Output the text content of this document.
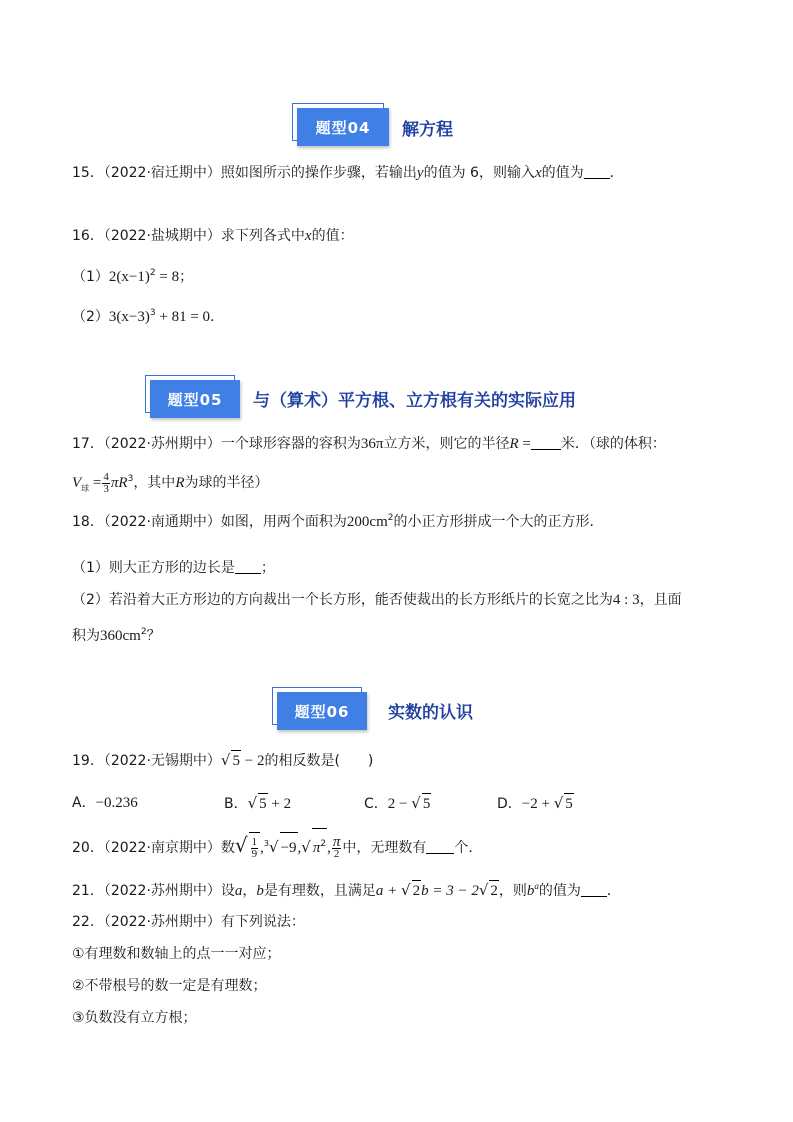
题型04	解方程
15．（2022·宿迁期中）照如图所示的操作步骤，若输出y的值为 6，则输入x的值为 ．
16．（2022·盐城期中）求下列各式中x的值：
$(1)2(x-1)^2 = 8$；
$(2)3(x-3)^3 + 81 = 0$．
题型05	与（算术）平方根、立方根有关的实际应用
17．（2022·苏州期中）一个球形容器的容积为36π立方米，则它的半径R = 米．（球的体积：
$V_球 = \frac{4}{3} \pi R^3$，其中R为球的半径）
18．（2022·南通期中）如图，用两个面积为$200cm^2$的小正方形拼成一个大的正方形．
（1）则大正方形的边长是 ；
（2）若沿着大正方形边的方向裁出一个长方形，能否使裁出的长方形纸片的长宽之比为4 : 3，且面
积为$360cm^2$？
题型06	实数的认识
19．（2022·无锡期中）√ 5 − 2的相反数是(　　)
A．−0.236	B．√ 5 + 2	C．2 − √ 5	D．−2 + √ 5
20．（2022·南京期中）数√ $\frac{1}{9} ,^3√ -9,√$ $\pi^2$, $\frac{\pi}{2}$ 中，无理数有 个．
21．（2022·苏州期中）设a，b是有理数，且满足a + √ 2b = 3 − 2√ 2，则$b^a$的值为 ．
22．（2022·苏州期中）有下列说法：
①有理数和数轴上的点一一对应；
②不带根号的数一定是有理数；
③负数没有立方根；
